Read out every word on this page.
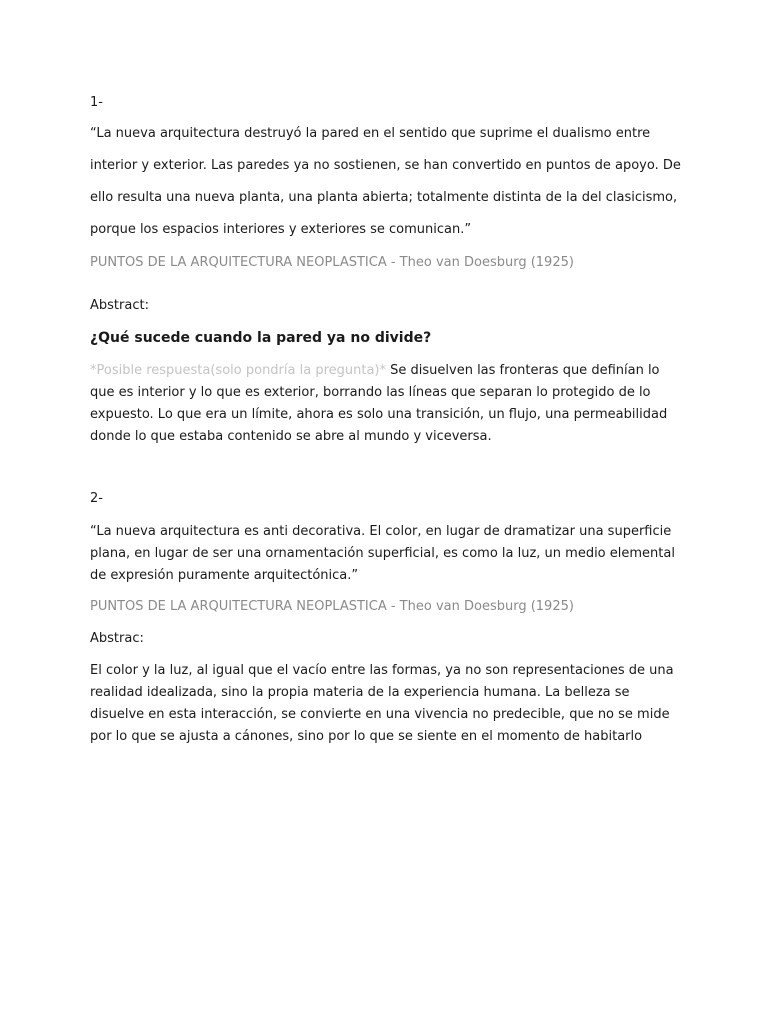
1-

“La nueva arquitectura destruyó la pared en el sentido que suprime el dualismo entre interior y exterior. Las paredes ya no sostienen, se han convertido en puntos de apoyo. De ello resulta una nueva planta, una planta abierta; totalmente distinta de la del clasicismo, porque los espacios interiores y exteriores se comunican.”

PUNTOS DE LA ARQUITECTURA NEOPLASTICA - Theo van Doesburg (1925)

Abstract:

¿Qué sucede cuando la pared ya no divide?

*Posible respuesta(solo pondría la pregunta)* Se disuelven las fronteras que definían lo que es interior y lo que es exterior, borrando las líneas que separan lo protegido de lo expuesto. Lo que era un límite, ahora es solo una transición, un flujo, una permeabilidad donde lo que estaba contenido se abre al mundo y viceversa.

2-

“La nueva arquitectura es anti decorativa. El color, en lugar de dramatizar una superficie plana, en lugar de ser una ornamentación superficial, es como la luz, un medio elemental de expresión puramente arquitectónica.”

PUNTOS DE LA ARQUITECTURA NEOPLASTICA - Theo van Doesburg (1925)

Abstrac:

El color y la luz, al igual que el vacío entre las formas, ya no son representaciones de una realidad idealizada, sino la propia materia de la experiencia humana. La belleza se disuelve en esta interacción, se convierte en una vivencia no predecible, que no se mide por lo que se ajusta a cánones, sino por lo que se siente en el momento de habitarlo
